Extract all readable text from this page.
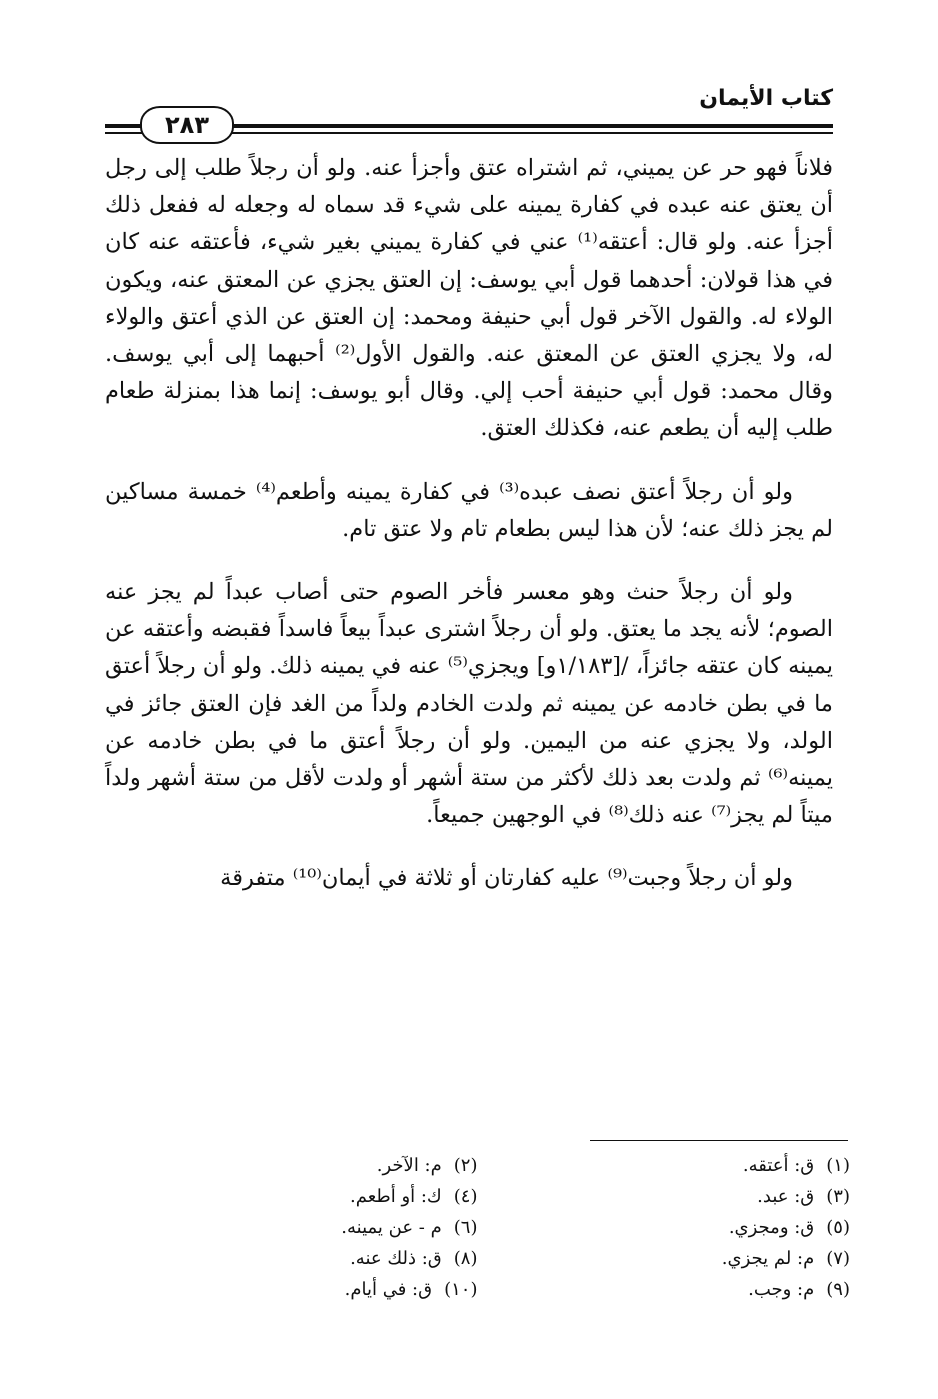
كتاب الأيمان
٢٨٣

فلاناً فهو حر عن يميني، ثم اشتراه عتق وأجزأ عنه. ولو أن رجلاً طلب إلى رجل أن يعتق عنه عبده في كفارة يمينه على شيء قد سماه له وجعله له ففعل ذلك أجزأ عنه. ولو قال: أعتقه⁽¹⁾ عني في كفارة يميني بغير شيء، فأعتقه عنه كان في هذا قولان: أحدهما قول أبي يوسف: إن العتق يجزي عن المعتق عنه، ويكون الولاء له. والقول الآخر قول أبي حنيفة ومحمد: إن العتق عن الذي أعتق والولاء له، ولا يجزي العتق عن المعتق عنه. والقول الأول⁽²⁾ أحبهما إلى أبي يوسف. وقال محمد: قول أبي حنيفة أحب إلي. وقال أبو يوسف: إنما هذا بمنزلة طعام طلب إليه أن يطعم عنه، فكذلك العتق.

ولو أن رجلاً أعتق نصف عبده⁽³⁾ في كفارة يمينه وأطعم⁽⁴⁾ خمسة مساكين لم يجز ذلك عنه؛ لأن هذا ليس بطعام تام ولا عتق تام.

ولو أن رجلاً حنث وهو معسر فأخر الصوم حتى أصاب عبداً لم يجز عنه الصوم؛ لأنه يجد ما يعتق. ولو أن رجلاً اشترى عبداً بيعاً فاسداً فقبضه وأعتقه عن يمينه كان عتقه جائزاً، /[١/١٨٣و] ويجزي⁽⁵⁾ عنه في يمينه ذلك. ولو أن رجلاً أعتق ما في بطن خادمه عن يمينه ثم ولدت الخادم ولداً من الغد فإن العتق جائز في الولد، ولا يجزي عنه من اليمين. ولو أن رجلاً أعتق ما في بطن خادمه عن يمينه⁽⁶⁾ ثم ولدت بعد ذلك لأكثر من ستة أشهر أو ولدت لأقل من ستة أشهر ولداً ميتاً لم يجز⁽⁷⁾ عنه ذلك⁽⁸⁾ في الوجهين جميعاً.

ولو أن رجلاً وجبت⁽⁹⁾ عليه كفارتان أو ثلاثة في أيمان⁽¹⁰⁾ متفرقة

(١)ق: أعتقه.
(٢)م: الآخر.
(٣)ق: عبد.
(٤)ك: أو أطعم.
(٥)ق: ومجزي.
(٦)م - عن يمينه.
(٧)م: لم يجزي.
(٨)ق: ذلك عنه.
(٩)م: وجب.
(١٠)ق: في أيام.
